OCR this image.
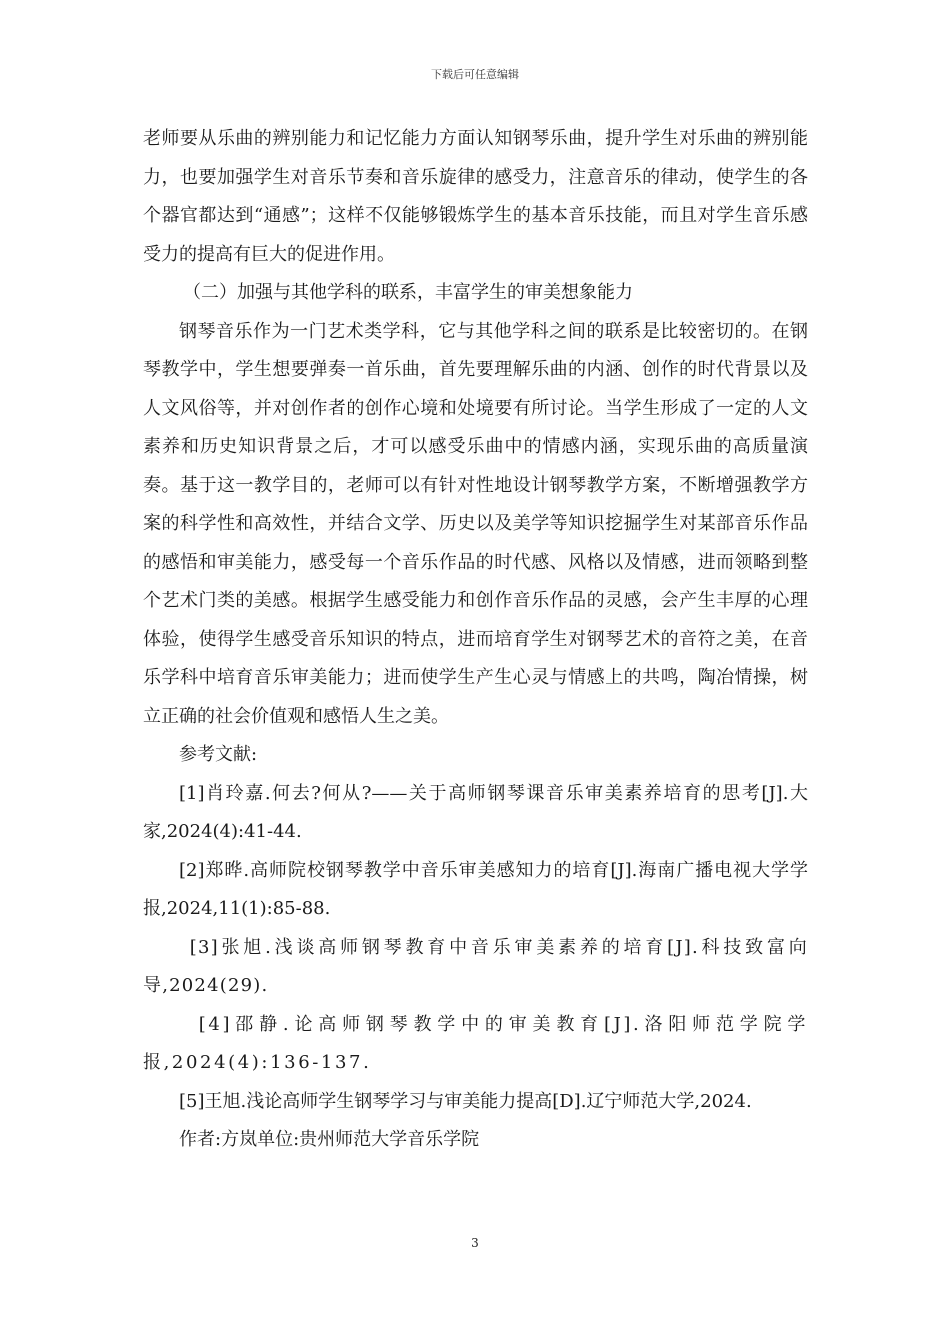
下载后可任意编辑

老师要从乐曲的辨别能力和记忆能力方面认知钢琴乐曲，提升学生对乐曲的辨别能力，也要加强学生对音乐节奏和音乐旋律的感受力，注意音乐的律动，使学生的各个器官都达到“通感”；这样不仅能够锻炼学生的基本音乐技能，而且对学生音乐感受力的提高有巨大的促进作用。

（二）加强与其他学科的联系，丰富学生的审美想象能力

钢琴音乐作为一门艺术类学科，它与其他学科之间的联系是比较密切的。在钢琴教学中，学生想要弹奏一首乐曲，首先要理解乐曲的内涵、创作的时代背景以及人文风俗等，并对创作者的创作心境和处境要有所讨论。当学生形成了一定的人文素养和历史知识背景之后，才可以感受乐曲中的情感内涵，实现乐曲的高质量演奏。基于这一教学目的，老师可以有针对性地设计钢琴教学方案，不断增强教学方案的科学性和高效性，并结合文学、历史以及美学等知识挖掘学生对某部音乐作品的感悟和审美能力，感受每一个音乐作品的时代感、风格以及情感，进而领略到整个艺术门类的美感。根据学生感受能力和创作音乐作品的灵感，会产生丰厚的心理体验，使得学生感受音乐知识的特点，进而培育学生对钢琴艺术的音符之美，在音乐学科中培育音乐审美能力；进而使学生产生心灵与情感上的共鸣，陶冶情操，树立正确的社会价值观和感悟人生之美。

参考文献:

[1]肖玲嘉.何去?何从?——关于高师钢琴课音乐审美素养培育的思考[J].大家,2024(4):41-44.

[2]郑晔.高师院校钢琴教学中音乐审美感知力的培育[J].海南广播电视大学学报,2024,11(1):85-88.

[3]张旭.浅谈高师钢琴教育中音乐审美素养的培育[J].科技致富向导,2024(29).

[4]邵静.论高师钢琴教学中的审美教育[J].洛阳师范学院学报,2024(4):136-137.

[5]王旭.浅论高师学生钢琴学习与审美能力提高[D].辽宁师范大学,2024.

作者:方岚单位:贵州师范大学音乐学院

3
